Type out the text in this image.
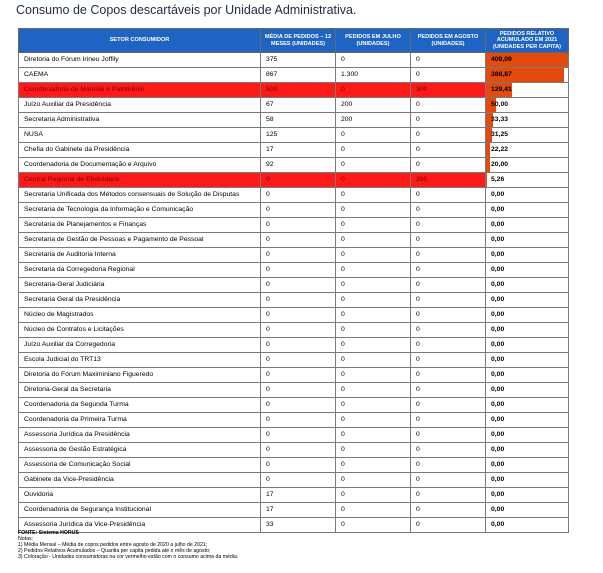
Consumo de Copos descartáveis por Unidade Administrativa.
SETOR CONSUMIDOR	MÉDIA DE PEDIDOS – 12 MESES (UNIDADES)	PEDIDOS EM JULHO (UNIDADES)	PEDIDOS EM AGOSTO (UNIDADES)	PEDIDOS RELATIVO ACUMULADO EM 2021 (UNIDADES PER CAPITA)
Diretoria do Fórum Irineu Joffily	375	0	0	409,09
CAEMA	867	1.300	0	388,87
Coordenadoria de Material e Patrimônio	500	0	300	129,41
Juízo Auxiliar da Presidência	67	200	0	50,00
Secretaria Administrativa	58	200	0	33,33
NUSA	125	0	0	31,25
Chefia do Gabinete da Presidência	17	0	0	22,22
Coordenadoria de Documentação e Arquivo	92	0	0	20,00
Central Regional de Efetividade	0	0	300	5,26
Secretaria Unificada dos Métodos consensuais de Solução de Disputas	0	0	0	0,00
Secretaria de Tecnologia da Informação e Comunicação	0	0	0	0,00
Secretaria de Planejamentos e Finanças	0	0	0	0,00
Secretaria de Gestão de Pessoas e Pagamento de Pessoal	0	0	0	0,00
Secretaria de Auditoria Interna	0	0	0	0,00
Secretaria da Corregedoria Regional	0	0	0	0,00
Secretaria-Geral Judiciária	0	0	0	0,00
Secretaria Geral da Presidência	0	0	0	0,00
Núcleo de Magistrados	0	0	0	0,00
Núcleo de Contratos e Licitações	0	0	0	0,00
Juízo Auxiliar da Corregedoria	0	0	0	0,00
Escola Judicial do TRT13	0	0	0	0,00
Diretoria do Fórum Maximiniano Figueredo	0	0	0	0,00
Diretoria-Geral da Secretaria	0	0	0	0,00
Coordenadoria da Segunda Turma	0	0	0	0,00
Coordenadoria da Primeira Turma	0	0	0	0,00
Assessoria Jurídica da Presidência	0	0	0	0,00
Assessoria de Gestão Estratégica	0	0	0	0,00
Assessoria de Comunicação Social	0	0	0	0,00
Gabinete da Vice-Presidência	0	0	0	0,00
Ouvidoria	17	0	0	0,00
Coordenadoria de Segurança Institucional	17	0	0	0,00
Assessoria Jurídica da Vice-Presidência	33	0	0	0,00
FONTE: Sistema HORUS
Notas:
1) Média Mensal – Média de copos pedidos entre agosto de 2020 a julho de 2021;
2) Pedidos Relativos Acumulados – Quantia per capita pedida até o mês de agosto;
3) Coloração - Unidades consumidoras na cor vermelho estão com o consumo acima da média.
